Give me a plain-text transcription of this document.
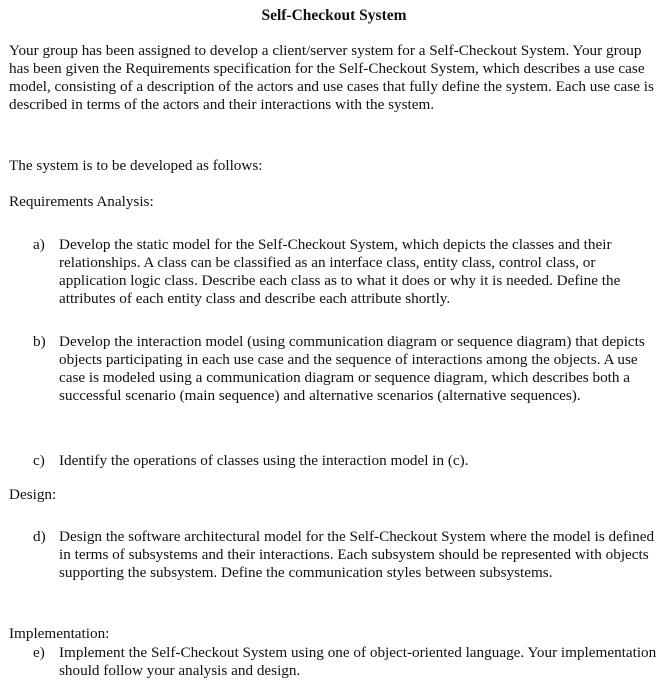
Self-Checkout System
Your group has been assigned to develop a client/server system for a Self-Checkout System. Your group has been given the Requirements specification for the Self-Checkout System, which describes a use case model, consisting of a description of the actors and use cases that fully define the system. Each use case is described in terms of the actors and their interactions with the system.
The system is to be developed as follows:
Requirements Analysis:
a) Develop the static model for the Self-Checkout System, which depicts the classes and their relationships. A class can be classified as an interface class, entity class, control class, or application logic class. Describe each class as to what it does or why it is needed. Define the attributes of each entity class and describe each attribute shortly.
b) Develop the interaction model (using communication diagram or sequence diagram) that depicts objects participating in each use case and the sequence of interactions among the objects. A use case is modeled using a communication diagram or sequence diagram, which describes both a successful scenario (main sequence) and alternative scenarios (alternative sequences).
c) Identify the operations of classes using the interaction model in (c).
Design:
d) Design the software architectural model for the Self-Checkout System where the model is defined in terms of subsystems and their interactions. Each subsystem should be represented with objects supporting the subsystem. Define the communication styles between subsystems.
Implementation:
e) Implement the Self-Checkout System using one of object-oriented language. Your implementation should follow your analysis and design.
